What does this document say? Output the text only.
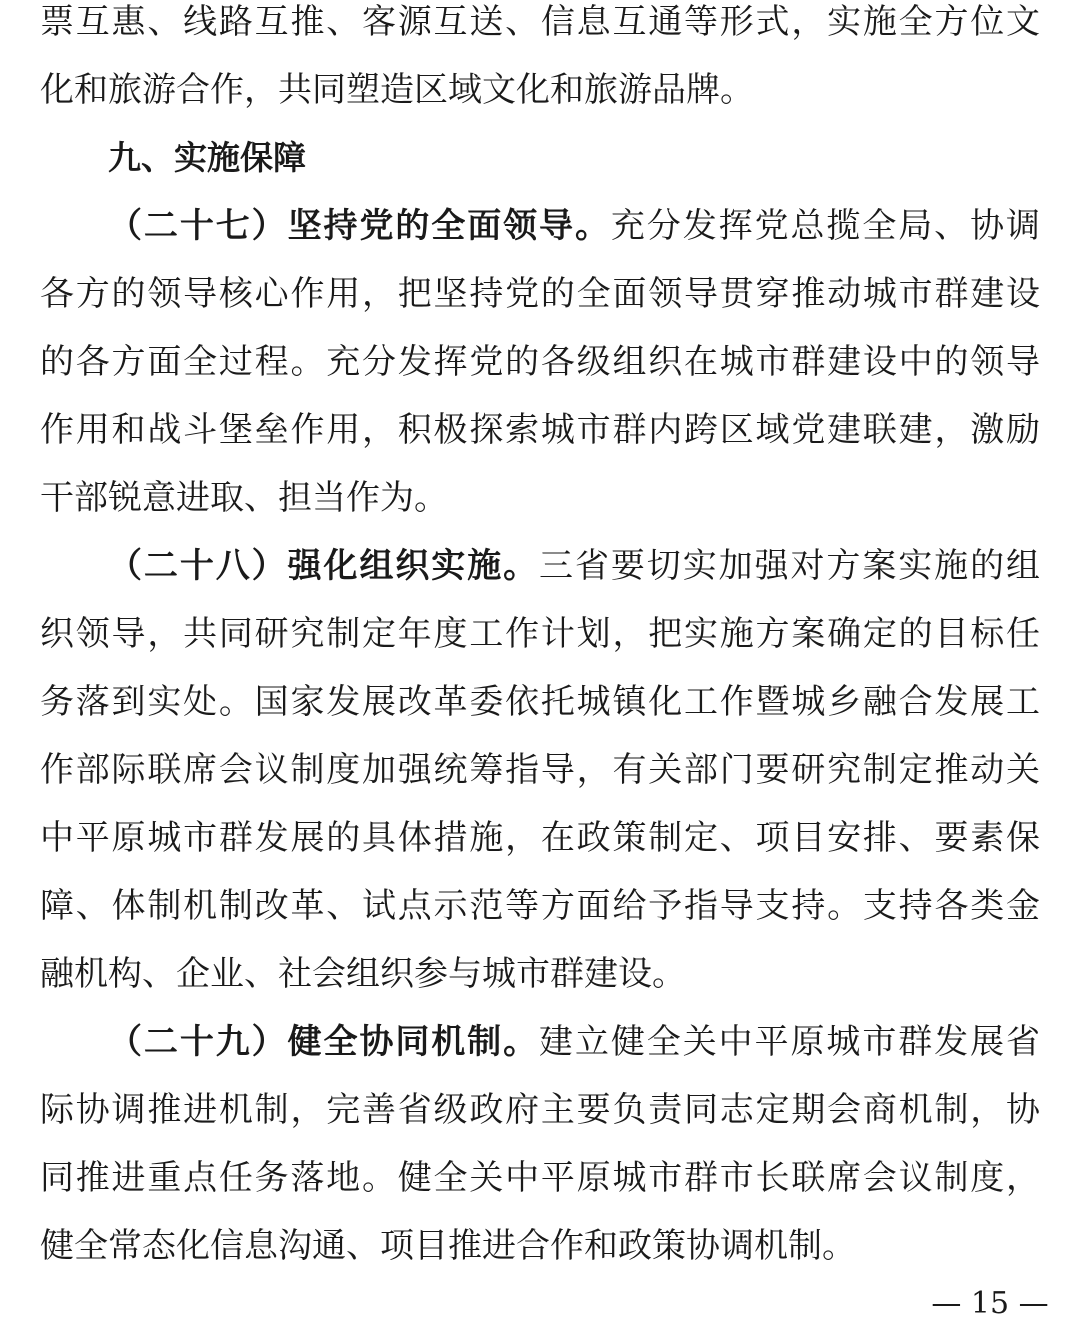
票互惠、线路互推、客源互送、信息互通等形式，实施全方位文
化和旅游合作，共同塑造区域文化和旅游品牌。
九、实施保障
（二十七）坚持党的全面领导。充分发挥党总揽全局、协调
各方的领导核心作用，把坚持党的全面领导贯穿推动城市群建设
的各方面全过程。充分发挥党的各级组织在城市群建设中的领导
作用和战斗堡垒作用，积极探索城市群内跨区域党建联建，激励
干部锐意进取、担当作为。
（二十八）强化组织实施。三省要切实加强对方案实施的组
织领导，共同研究制定年度工作计划，把实施方案确定的目标任
务落到实处。国家发展改革委依托城镇化工作暨城乡融合发展工
作部际联席会议制度加强统筹指导，有关部门要研究制定推动关
中平原城市群发展的具体措施，在政策制定、项目安排、要素保
障、体制机制改革、试点示范等方面给予指导支持。支持各类金
融机构、企业、社会组织参与城市群建设。
（二十九）健全协同机制。建立健全关中平原城市群发展省
际协调推进机制，完善省级政府主要负责同志定期会商机制，协
同推进重点任务落地。健全关中平原城市群市长联席会议制度，
健全常态化信息沟通、项目推进合作和政策协调机制。
— 15 —
